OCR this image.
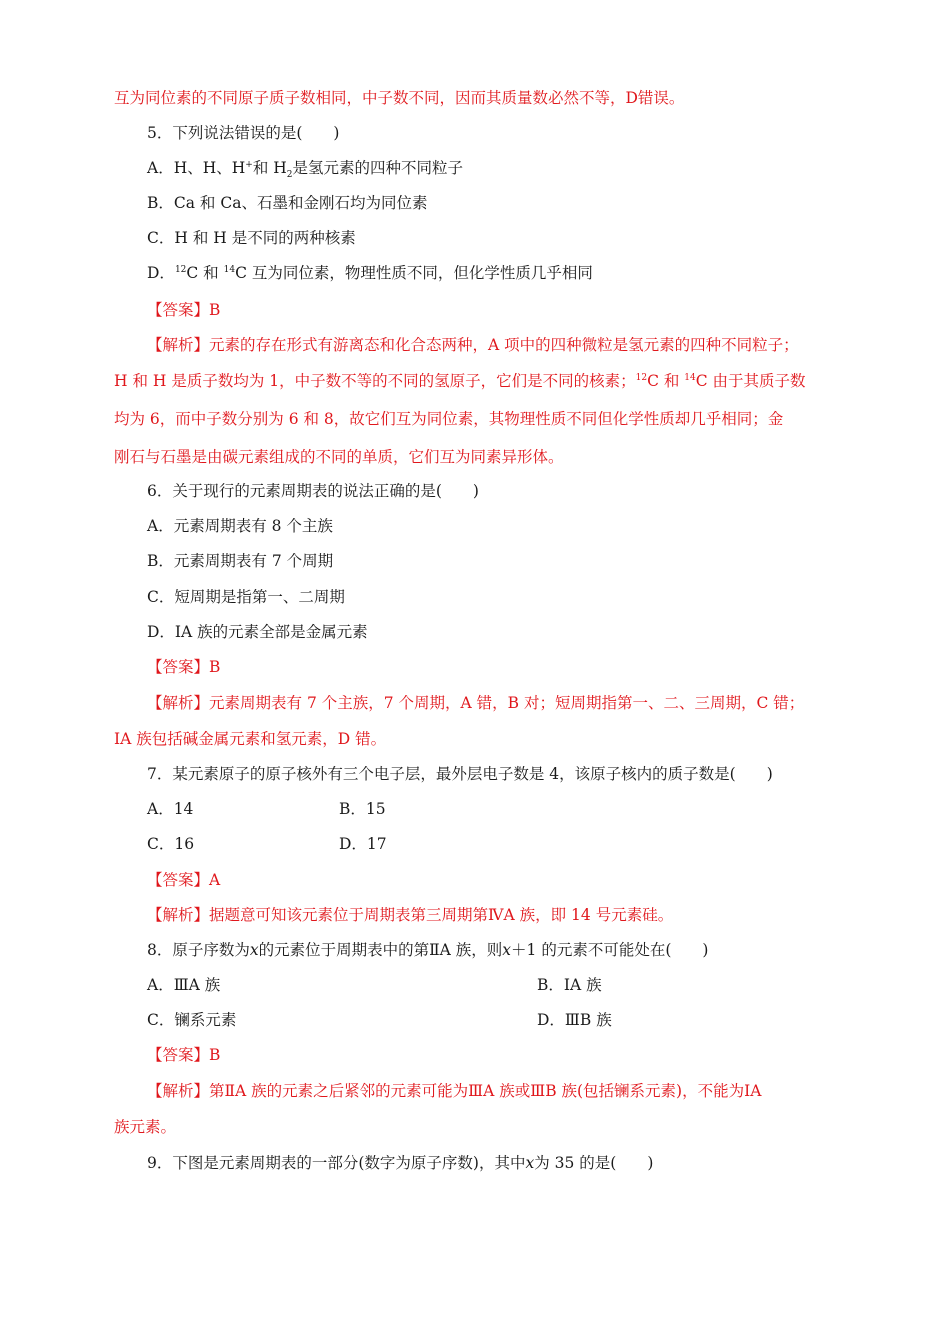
互为同位素的不同原子质子数相同，中子数不同，因而其质量数必然不等，D错误。
5．下列说法错误的是(　　)
A．H、H、H+和 $H_2$是氢元素的四种不同粒子
B．Ca 和 Ca、石墨和金刚石均为同位素
C．H 和 H 是不同的两种核素
D．$^{12}$C 和 $^{14}$C 互为同位素，物理性质不同，但化学性质几乎相同
【答案】B
【解析】元素的存在形式有游离态和化合态两种，A 项中的四种微粒是氢元素的四种不同粒子；
H 和 H 是质子数均为 1，中子数不等的不同的氢原子，它们是不同的核素；$^{12}$C 和 $^{14}$C 由于其质子数
均为 6，而中子数分别为 6 和 8，故它们互为同位素，其物理性质不同但化学性质却几乎相同；金
刚石与石墨是由碳元素组成的不同的单质，它们互为同素异形体。
6．关于现行的元素周期表的说法正确的是(　　)
A．元素周期表有 8 个主族
B．元素周期表有 7 个周期
C．短周期是指第一、二周期
D．ⅠA 族的元素全部是金属元素
【答案】B
【解析】元素周期表有 7 个主族，7 个周期，A 错，B 对；短周期指第一、二、三周期，C 错；
ⅠA 族包括碱金属元素和氢元素，D 错。
7．某元素原子的原子核外有三个电子层，最外层电子数是 4，该原子核内的质子数是(　　)
A．14	B．15
C．16	D．17
【答案】A
【解析】据题意可知该元素位于周期表第三周期第ⅣA 族，即 14 号元素硅。
8．原子序数为x的元素位于周期表中的第ⅡA 族，则x＋1 的元素不可能处在(　　)
A．ⅢA 族	B．ⅠA 族
C．镧系元素	D．ⅢB 族
【答案】B
【解析】第ⅡA 族的元素之后紧邻的元素可能为ⅢA 族或ⅢB 族(包括镧系元素)，不能为ⅠA
族元素。
9．下图是元素周期表的一部分(数字为原子序数)，其中x为 35 的是(　　)
